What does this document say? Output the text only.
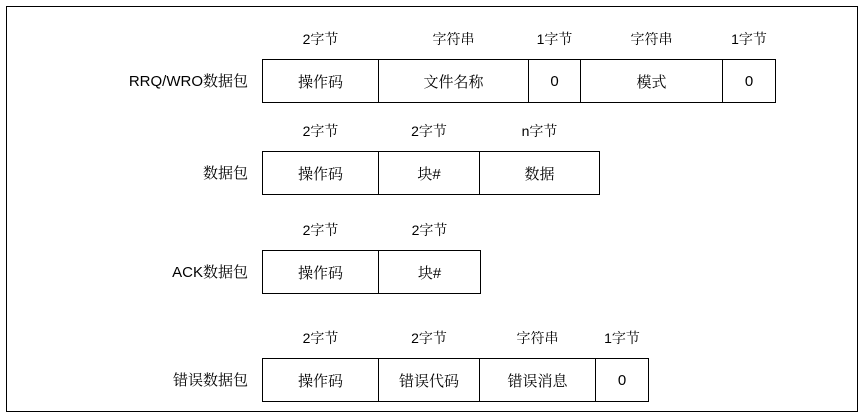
RRQ/WRO数据包
2字节
操作码
字符串
文件名称
1字节
0
字符串
模式
1字节
0
数据包
2字节
操作码
2字节
块#
n字节
数据
ACK数据包
2字节
操作码
2字节
块#
错误数据包
2字节
操作码
2字节
错误代码
字符串
错误消息
1字节
0
